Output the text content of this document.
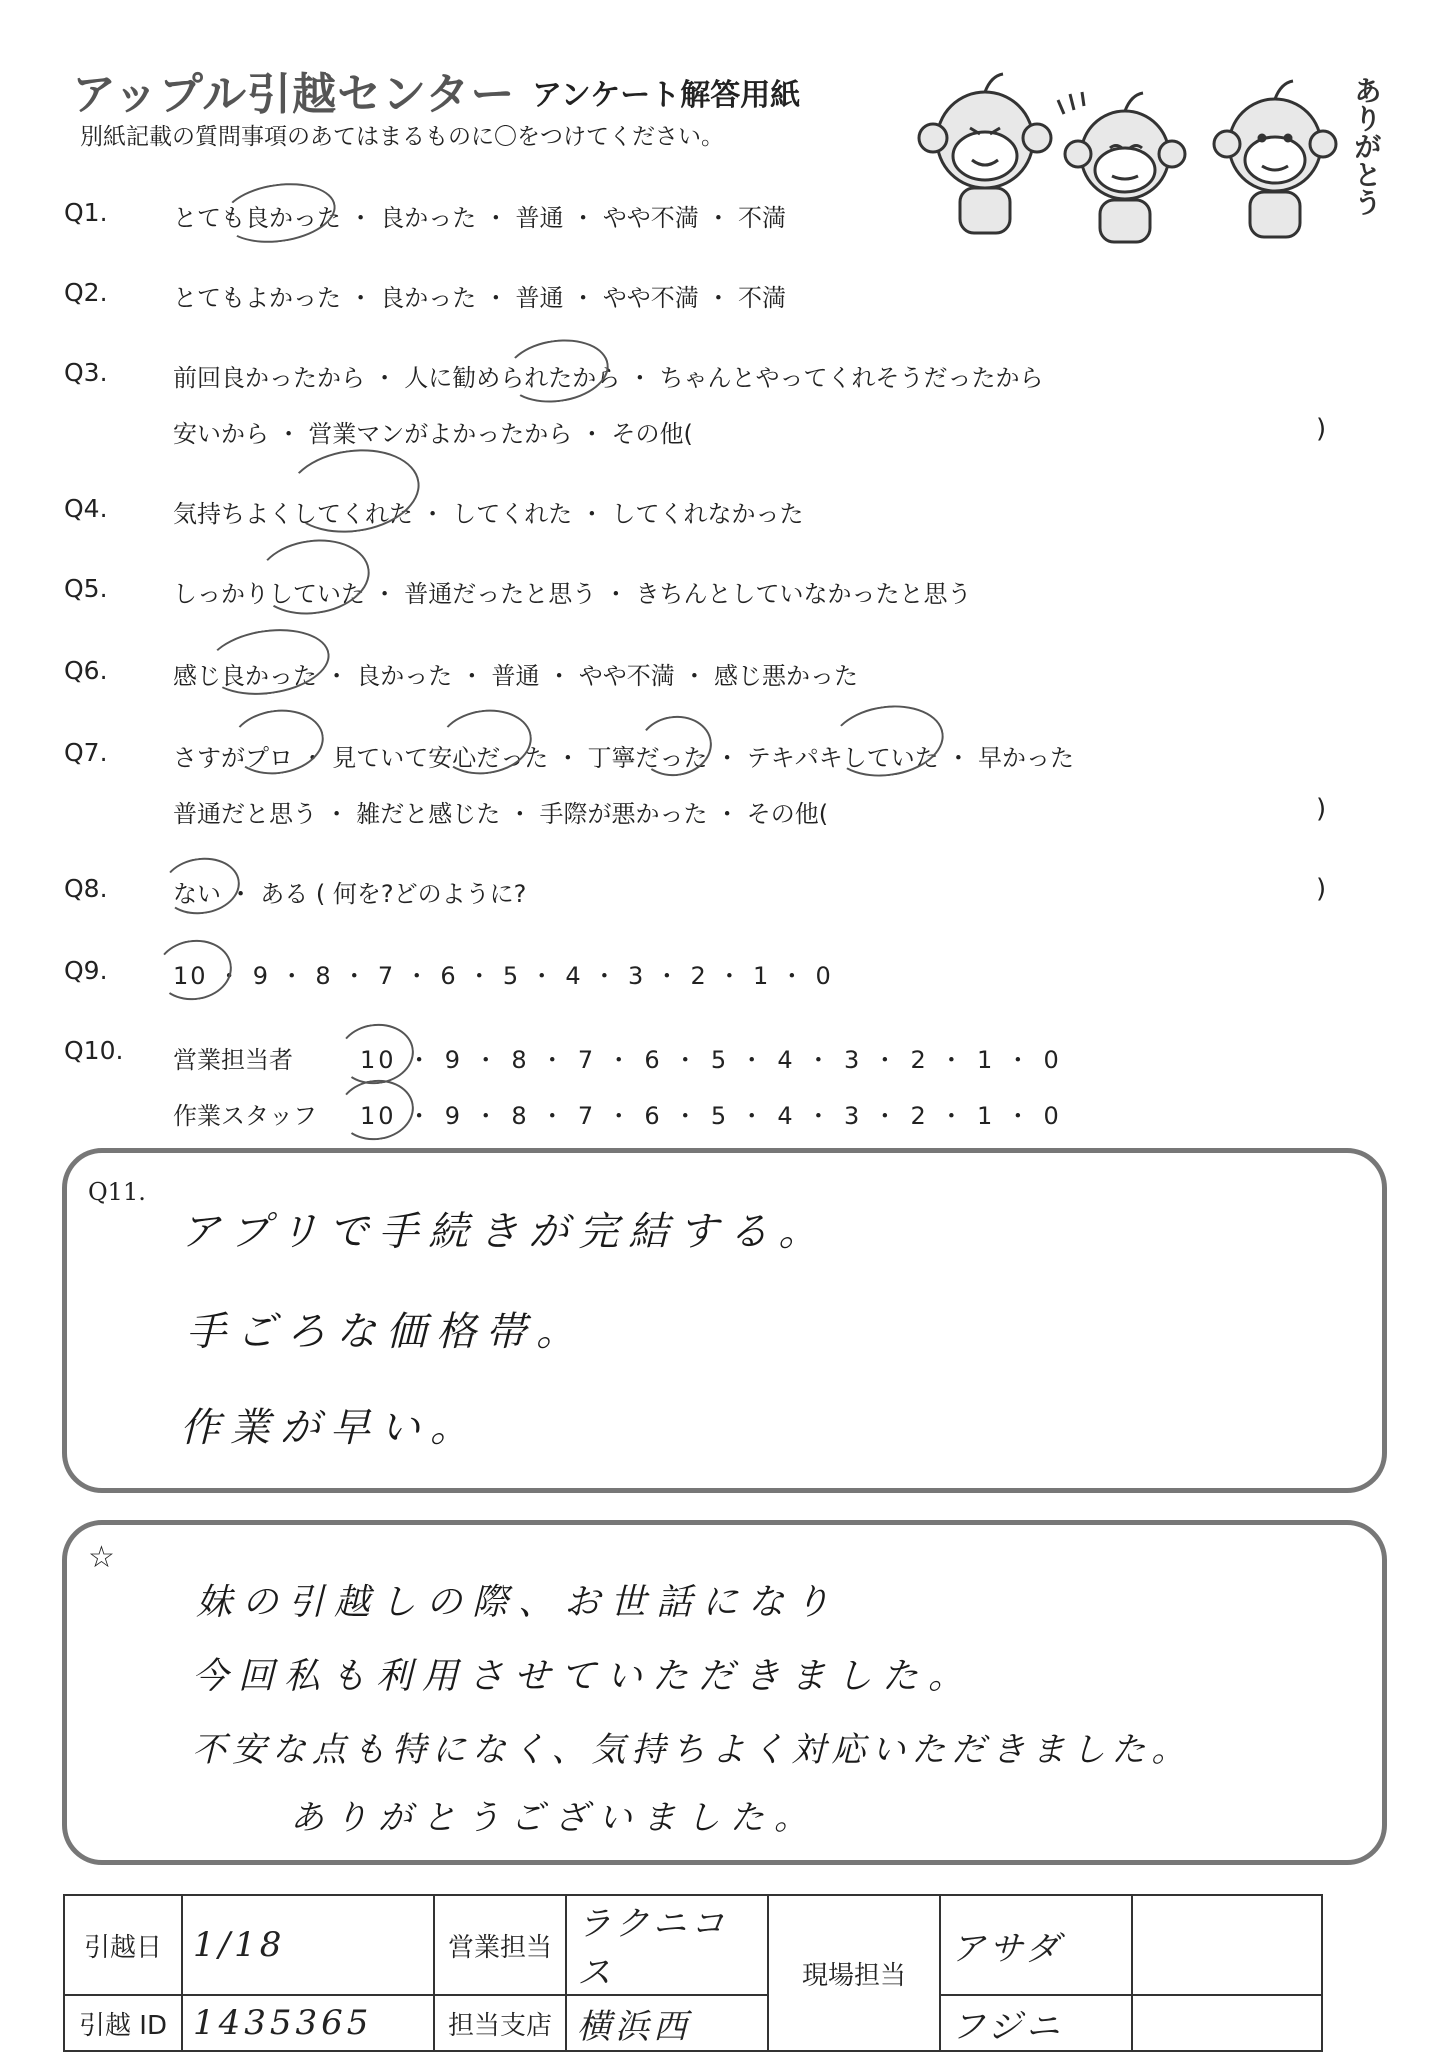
アップル引越センター アンケート解答用紙
別紙記載の質問事項のあてはまるものに〇をつけてください。	ありがとう
Q1.	とても良かった ・ 良かった ・ 普通 ・ やや不満 ・ 不満
Q2.	とてもよかった ・ 良かった ・ 普通 ・ やや不満 ・ 不満
Q3.	前回良かったから ・ 人に勧められたから ・ ちゃんとやってくれそうだったから
安いから ・ 営業マンがよかったから ・ その他(	)
Q4.	気持ちよくしてくれた ・ してくれた ・ してくれなかった
Q5.	しっかりしていた ・ 普通だったと思う ・ きちんとしていなかったと思う
Q6.	感じ良かった ・ 良かった ・ 普通 ・ やや不満 ・ 感じ悪かった
Q7.	さすがプロ ・ 見ていて安心だった ・ 丁寧だった ・ テキパキしていた ・ 早かった
普通だと思う ・ 雑だと感じた ・ 手際が悪かった ・ その他(	)
Q8.	ない ・ ある ( 何を?どのように?	)
Q9.	10 ・ 9 ・ 8 ・ 7 ・ 6 ・ 5 ・ 4 ・ 3 ・ 2 ・ 1 ・ 0
Q10. 営業担当者	10 ・ 9 ・ 8 ・ 7 ・ 6 ・ 5 ・ 4 ・ 3 ・ 2 ・ 1 ・ 0
作業スタッフ 10 ・ 9 ・ 8 ・ 7 ・ 6 ・ 5 ・ 4 ・ 3 ・ 2 ・ 1 ・ 0
Q11.
アプリで手続きが完結する。
手ごろな価格帯。
作業が早い。
☆
妹の引越しの際、お世話になり
今回私も利用させていただきました。
不安な点も特になく、気持ちよく対応いただきました。
ありがとうございました。
引越日	1/18	営業担当	ラクニコス	現場担当	アサダ	
引越 ID	1435365	担当支店	横浜西		フジニ	
